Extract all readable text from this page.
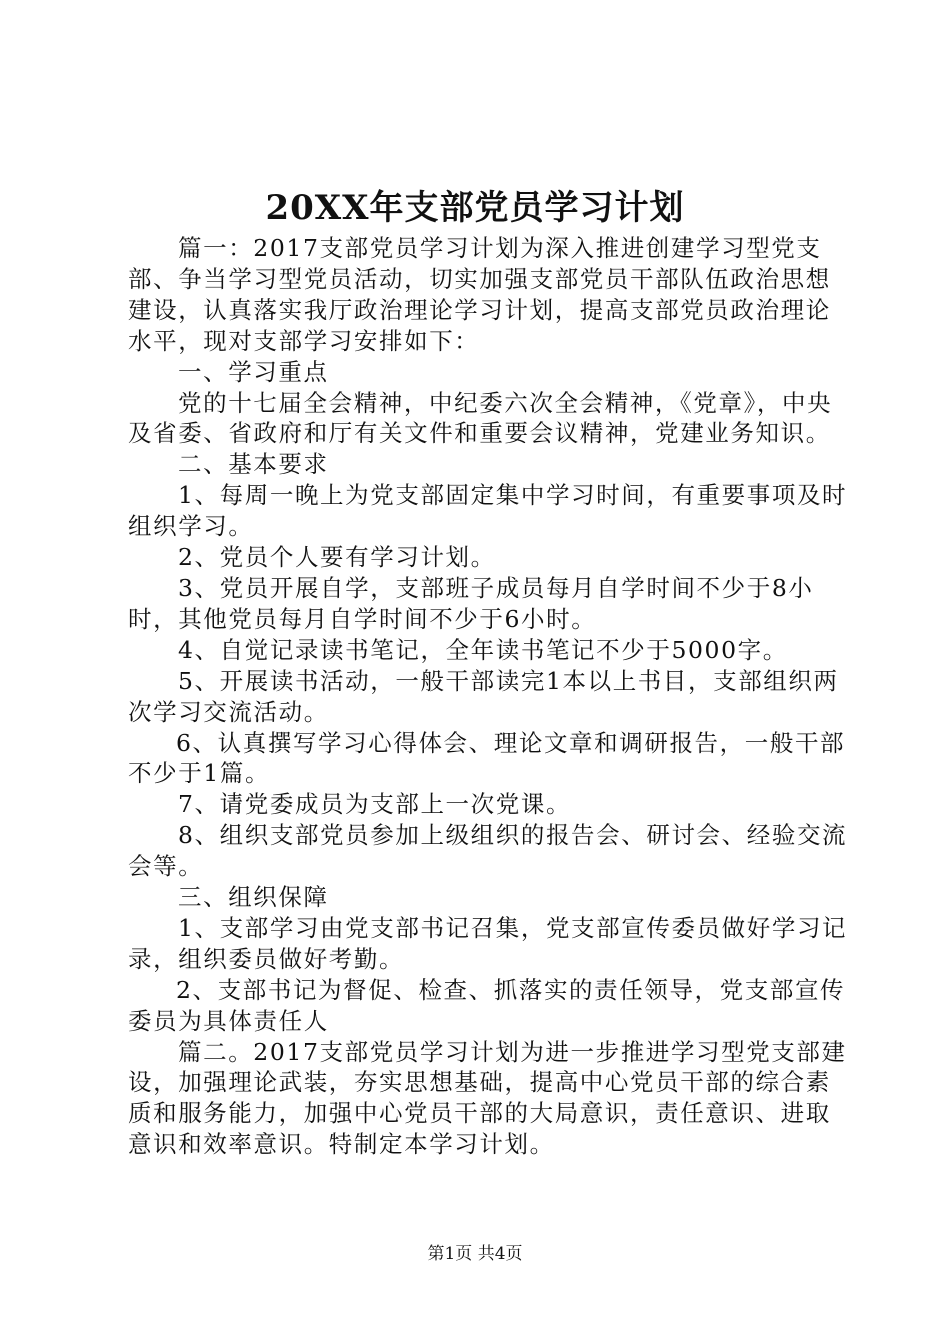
20XX年支部党员学习计划

篇一：2017支部党员学习计划为深入推进创建学习型党支部、争当学习型党员活动，切实加强支部党员干部队伍政治思想建设，认真落实我厅政治理论学习计划，提高支部党员政治理论水平，现对支部学习安排如下：

一、学习重点

党的十七届全会精神，中纪委六次全会精神，《党章》，中央及省委、省政府和厅有关文件和重要会议精神，党建业务知识。

二、基本要求

1、每周一晚上为党支部固定集中学习时间，有重要事项及时组织学习。

2、党员个人要有学习计划。

3、党员开展自学，支部班子成员每月自学时间不少于8小时，其他党员每月自学时间不少于6小时。

4、自觉记录读书笔记，全年读书笔记不少于5000字。

5、开展读书活动，一般干部读完1本以上书目，支部组织两次学习交流活动。

6、认真撰写学习心得体会、理论文章和调研报告，一般干部不少于1篇。

7、请党委成员为支部上一次党课。

8、组织支部党员参加上级组织的报告会、研讨会、经验交流会等。

三、组织保障

1、支部学习由党支部书记召集，党支部宣传委员做好学习记录，组织委员做好考勤。

2、支部书记为督促、检查、抓落实的责任领导，党支部宣传委员为具体责任人

篇二。2017支部党员学习计划为进一步推进学习型党支部建设，加强理论武装，夯实思想基础，提高中心党员干部的综合素质和服务能力，加强中心党员干部的大局意识，责任意识、进取意识和效率意识。特制定本学习计划。

第1页 共4页
